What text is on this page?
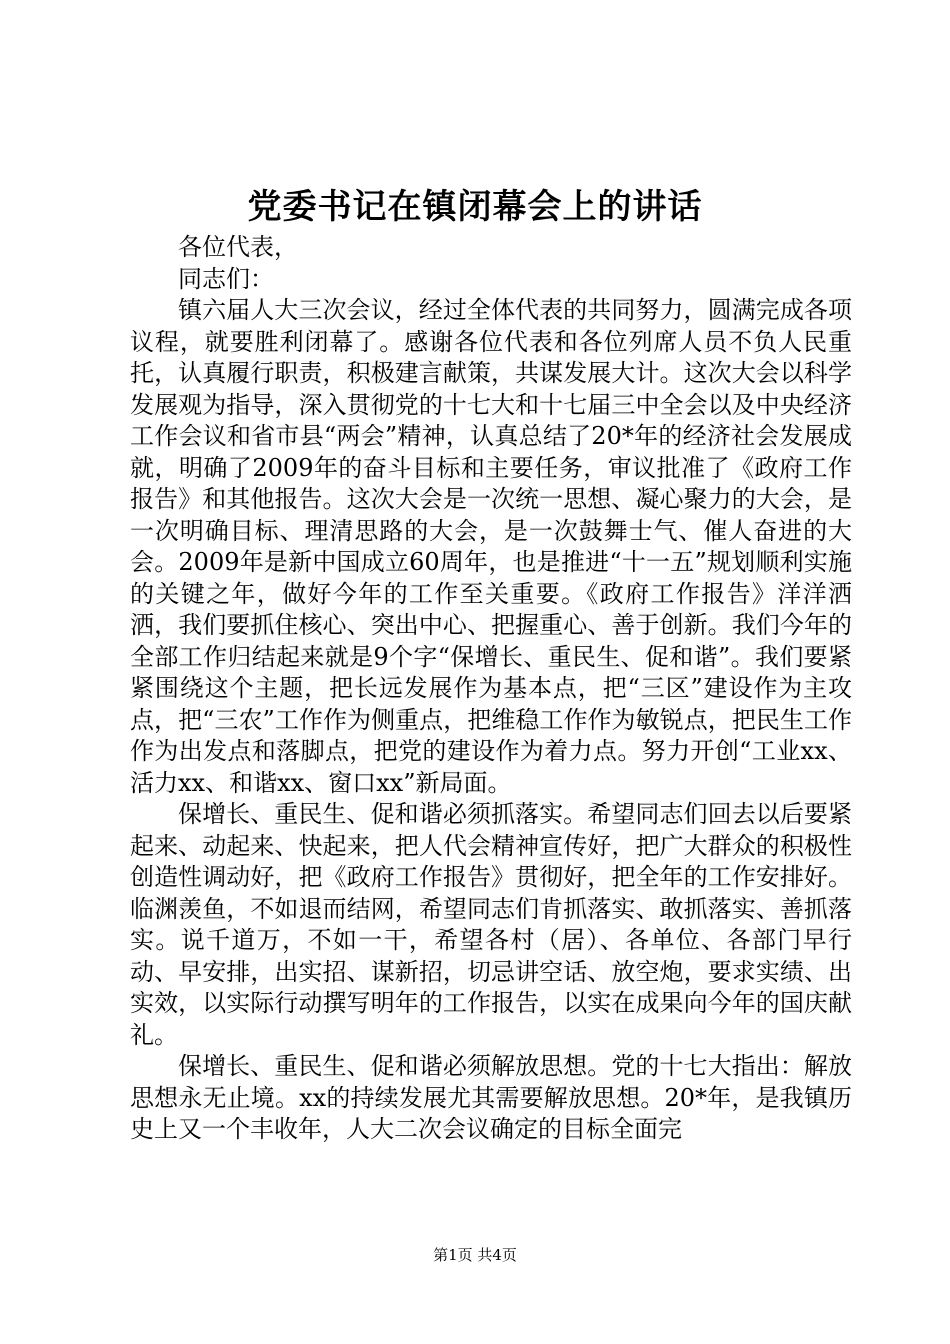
党委书记在镇闭幕会上的讲话

各位代表，

同志们：

镇六届人大三次会议，经过全体代表的共同努力，圆满完成各项议程，就要胜利闭幕了。感谢各位代表和各位列席人员不负人民重托，认真履行职责，积极建言献策，共谋发展大计。这次大会以科学发展观为指导，深入贯彻党的十七大和十七届三中全会以及中央经济工作会议和省市县“两会”精神，认真总结了20*年的经济社会发展成就，明确了2009年的奋斗目标和主要任务，审议批准了《政府工作报告》和其他报告。这次大会是一次统一思想、凝心聚力的大会，是一次明确目标、理清思路的大会，是一次鼓舞士气、催人奋进的大会。2009年是新中国成立60周年，也是推进“十一五”规划顺利实施的关键之年，做好今年的工作至关重要。《政府工作报告》洋洋洒洒，我们要抓住核心、突出中心、把握重心、善于创新。我们今年的全部工作归结起来就是9个字“保增长、重民生、促和谐”。我们要紧紧围绕这个主题，把长远发展作为基本点，把“三区”建设作为主攻点，把“三农”工作作为侧重点，把维稳工作作为敏锐点，把民生工作作为出发点和落脚点，把党的建设作为着力点。努力开创“工业xx、活力xx、和谐xx、窗口xx”新局面。

保增长、重民生、促和谐必须抓落实。希望同志们回去以后要紧起来、动起来、快起来，把人代会精神宣传好，把广大群众的积极性创造性调动好，把《政府工作报告》贯彻好，把全年的工作安排好。临渊羡鱼，不如退而结网，希望同志们肯抓落实、敢抓落实、善抓落实。说千道万，不如一干，希望各村（居）、各单位、各部门早行动、早安排，出实招、谋新招，切忌讲空话、放空炮，要求实绩、出实效，以实际行动撰写明年的工作报告，以实在成果向今年的国庆献礼。

保增长、重民生、促和谐必须解放思想。党的十七大指出：解放思想永无止境。xx的持续发展尤其需要解放思想。20*年，是我镇历史上又一个丰收年，人大二次会议确定的目标全面完

第1页 共4页
